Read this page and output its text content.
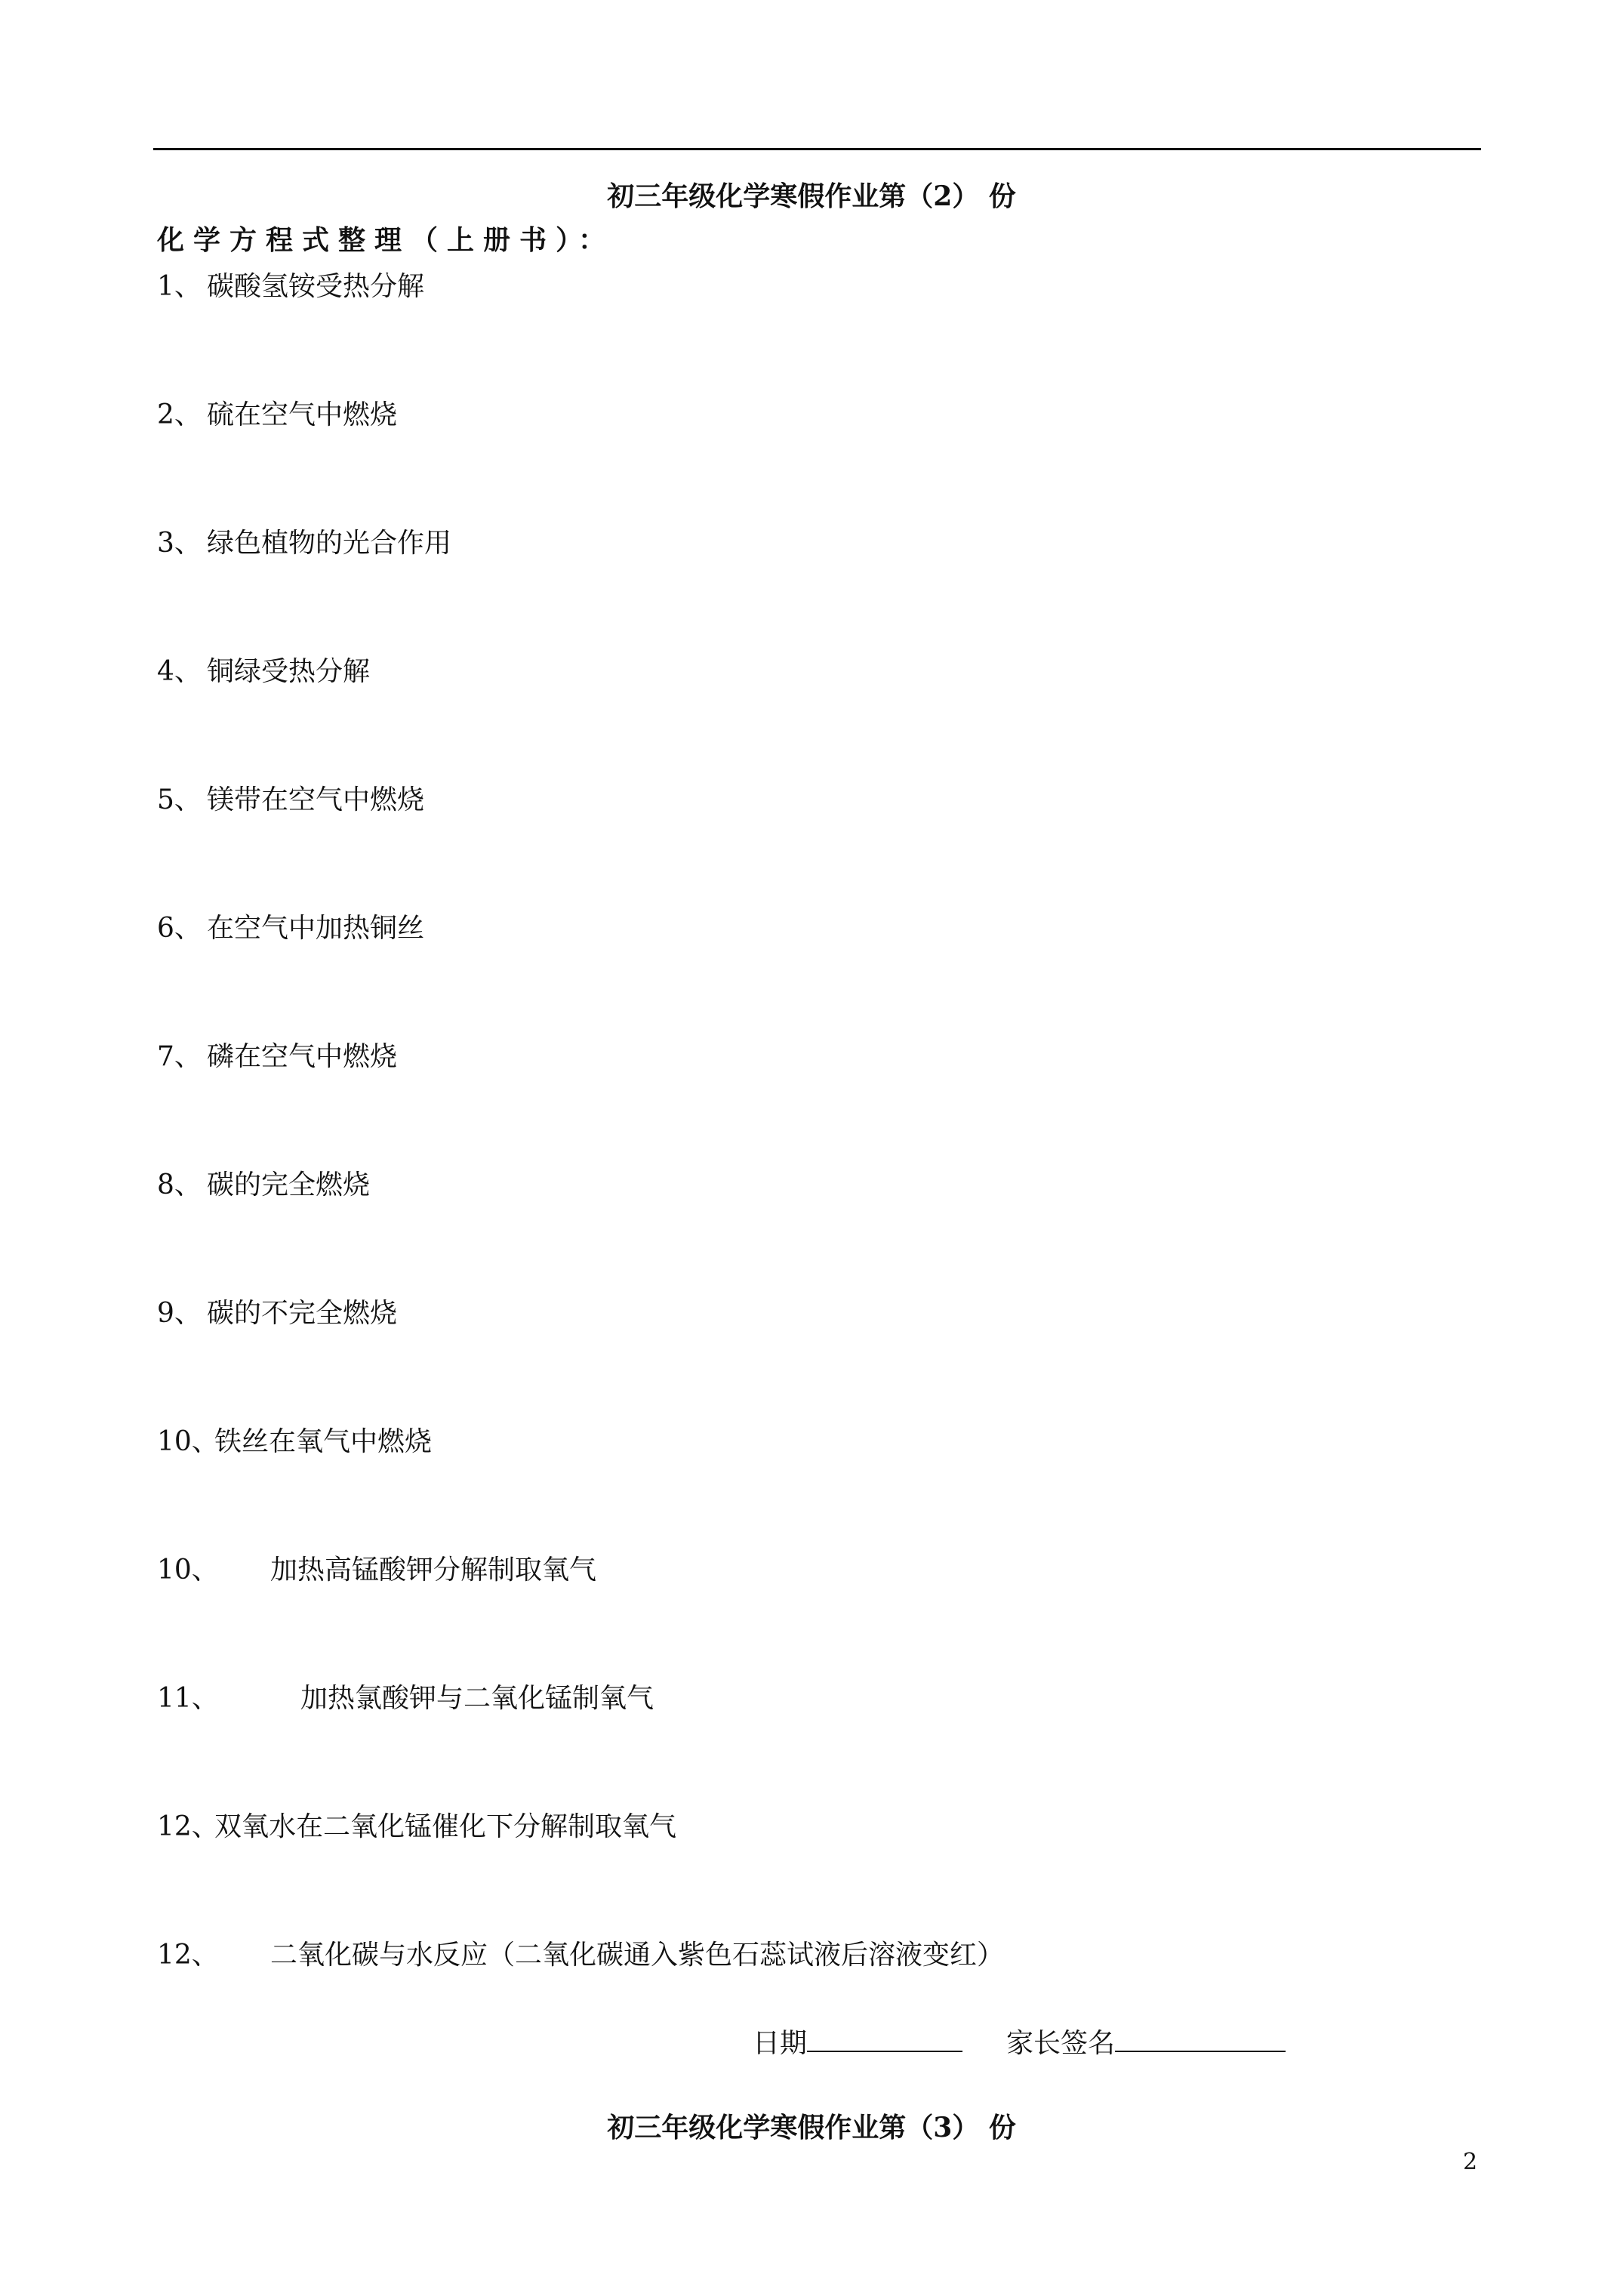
初三年级化学寒假作业第（2） 份
化学方程式整理（上册书）：
1、 碳酸氢铵受热分解
2、 硫在空气中燃烧
3、 绿色植物的光合作用
4、 铜绿受热分解
5、 镁带在空气中燃烧
6、 在空气中加热铜丝
7、 磷在空气中燃烧
8、 碳的完全燃烧
9、 碳的不完全燃烧
10、铁丝在氧气中燃烧
10、 加热高锰酸钾分解制取氧气
11、	加热氯酸钾与二氧化锰制氧气
12、双氧水在二氧化锰催化下分解制取氧气
12、 二氧化碳与水反应（二氧化碳通入紫色石蕊试液后溶液变红）
日期	家长签名
初三年级化学寒假作业第（3） 份
2
